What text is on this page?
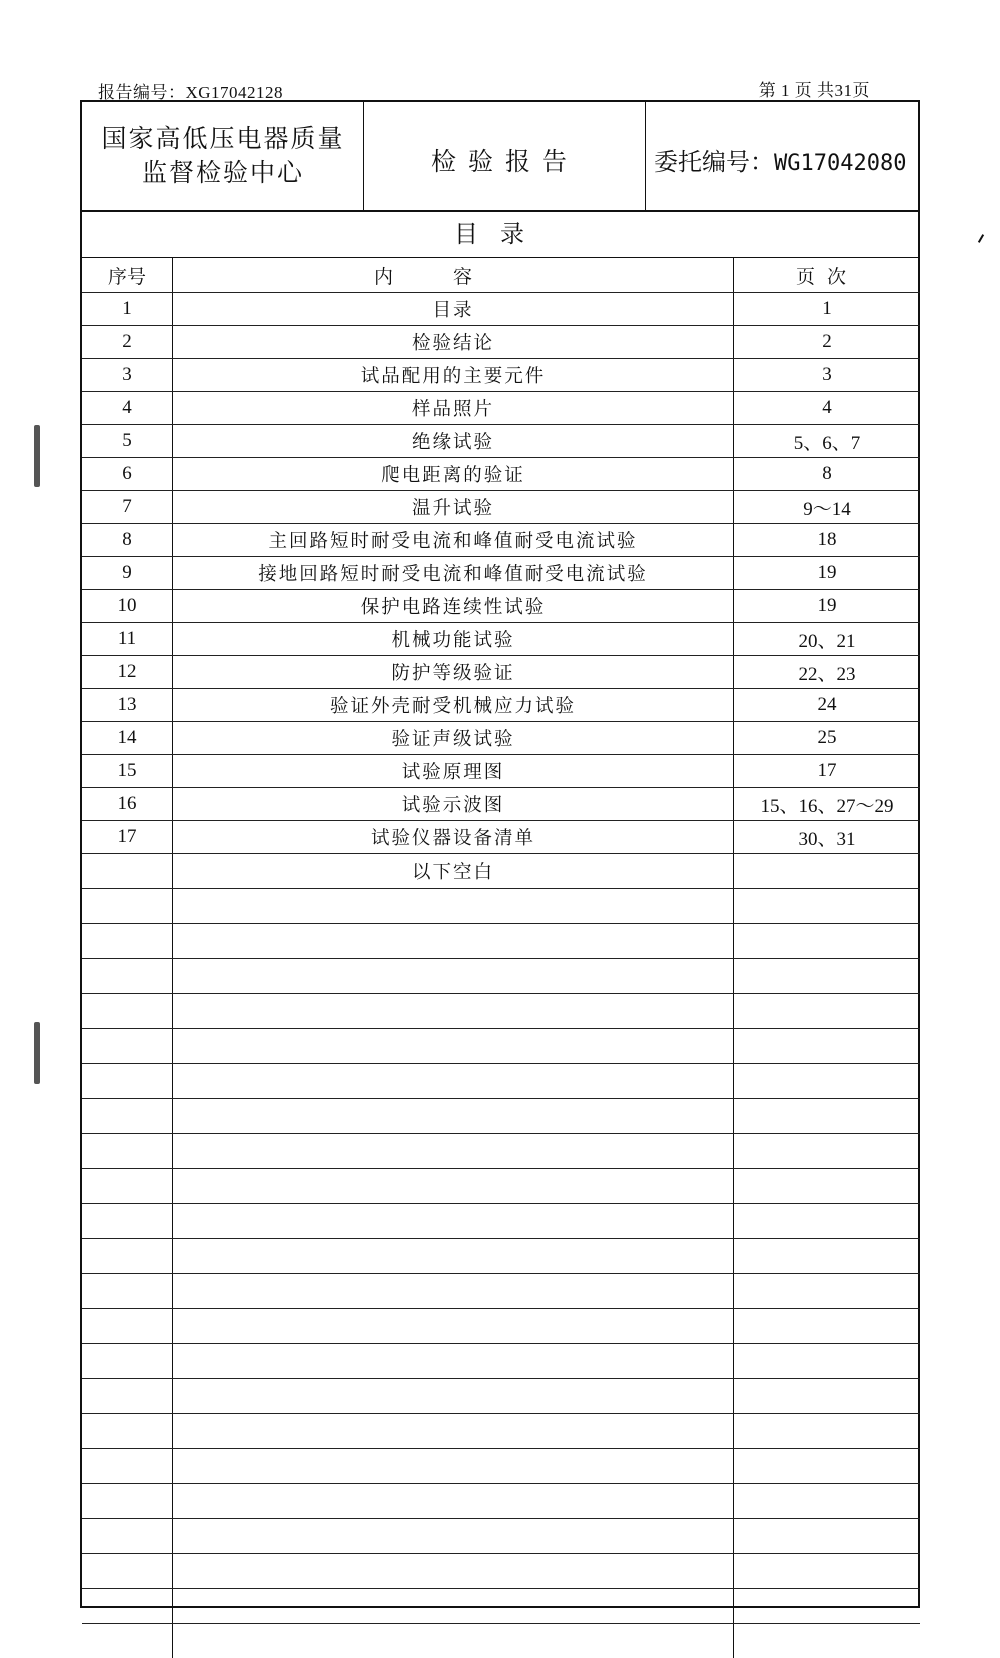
报告编号：XG17042128	第 1 页 共31页
国家高低压电器质量
监督检验中心	检验报告	委托编号：WG17042080
目录
序号	内容	页次
1	目录	1
2	检验结论	2
3	试品配用的主要元件	3
4	样品照片	4
5	绝缘试验	5、6、7
6	爬电距离的验证	8
7	温升试验	9～14
8	主回路短时耐受电流和峰值耐受电流试验	18
9	接地回路短时耐受电流和峰值耐受电流试验	19
10	保护电路连续性试验	19
11	机械功能试验	20、21
12	防护等级验证	22、23
13	验证外壳耐受机械应力试验	24
14	验证声级试验	25
15	试验原理图	17
16	试验示波图	15、16、27～29
17	试验仪器设备清单	30、31
	以下空白	
